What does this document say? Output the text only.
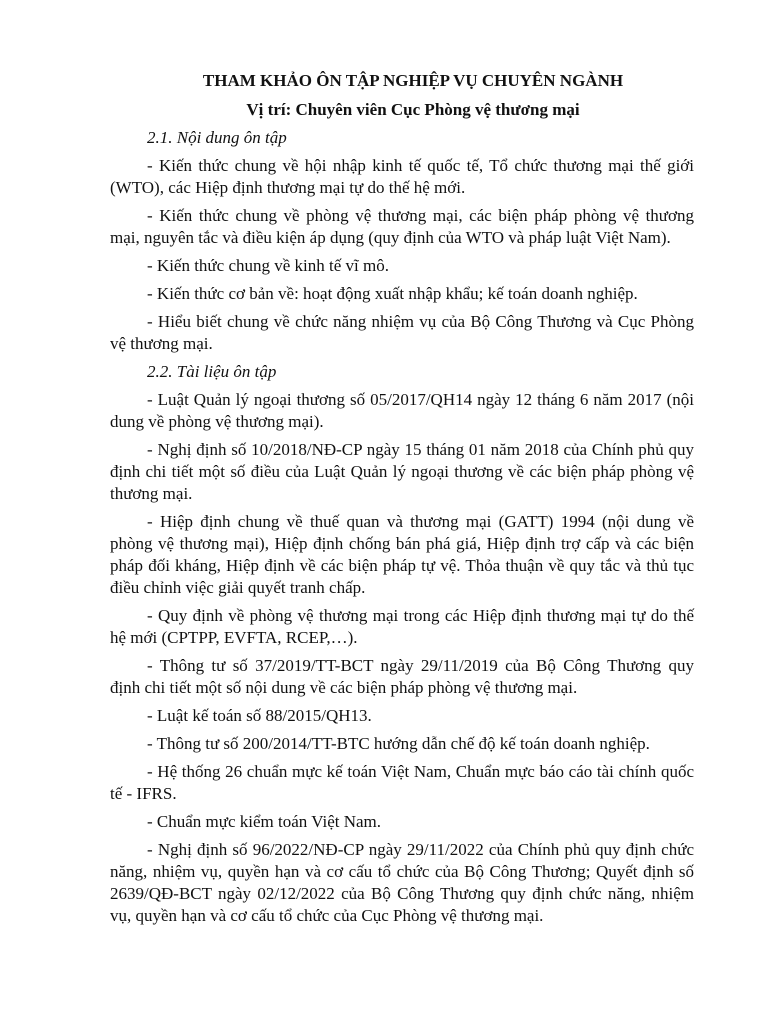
THAM KHẢO ÔN TẬP NGHIỆP VỤ CHUYÊN NGÀNH
Vị trí: Chuyên viên Cục Phòng vệ thương mại
2.1. Nội dung ôn tập

- Kiến thức chung về hội nhập kinh tế quốc tế, Tổ chức thương mại thế giới (WTO), các Hiệp định thương mại tự do thế hệ mới.

- Kiến thức chung về phòng vệ thương mại, các biện pháp phòng vệ thương mại, nguyên tắc và điều kiện áp dụng (quy định của WTO và pháp luật Việt Nam).

- Kiến thức chung về kinh tế vĩ mô.

- Kiến thức cơ bản về: hoạt động xuất nhập khẩu; kế toán doanh nghiệp.

- Hiểu biết chung về chức năng nhiệm vụ của Bộ Công Thương và Cục Phòng vệ thương mại.

2.2. Tài liệu ôn tập

- Luật Quản lý ngoại thương số 05/2017/QH14 ngày 12 tháng 6 năm 2017 (nội dung về phòng vệ thương mại).

- Nghị định số 10/2018/NĐ-CP ngày 15 tháng 01 năm 2018 của Chính phủ quy định chi tiết một số điều của Luật Quản lý ngoại thương về các biện pháp phòng vệ thương mại.

- Hiệp định chung về thuế quan và thương mại (GATT) 1994 (nội dung về phòng vệ thương mại), Hiệp định chống bán phá giá, Hiệp định trợ cấp và các biện pháp đối kháng, Hiệp định về các biện pháp tự vệ. Thỏa thuận về quy tắc và thủ tục điều chỉnh việc giải quyết tranh chấp.

- Quy định về phòng vệ thương mại trong các Hiệp định thương mại tự do thế hệ mới (CPTPP, EVFTA, RCEP,…).

- Thông tư số 37/2019/TT-BCT ngày 29/11/2019 của Bộ Công Thương quy định chi tiết một số nội dung về các biện pháp phòng vệ thương mại.

- Luật kế toán số 88/2015/QH13.

- Thông tư số 200/2014/TT-BTC hướng dẫn chế độ kế toán doanh nghiệp.

- Hệ thống 26 chuẩn mực kế toán Việt Nam, Chuẩn mực báo cáo tài chính quốc tế - IFRS.

- Chuẩn mực kiểm toán Việt Nam.

- Nghị định số 96/2022/NĐ-CP ngày 29/11/2022 của Chính phủ quy định chức năng, nhiệm vụ, quyền hạn và cơ cấu tổ chức của Bộ Công Thương; Quyết định số 2639/QĐ-BCT ngày 02/12/2022 của Bộ Công Thương quy định chức năng, nhiệm vụ, quyền hạn và cơ cấu tổ chức của Cục Phòng vệ thương mại.
